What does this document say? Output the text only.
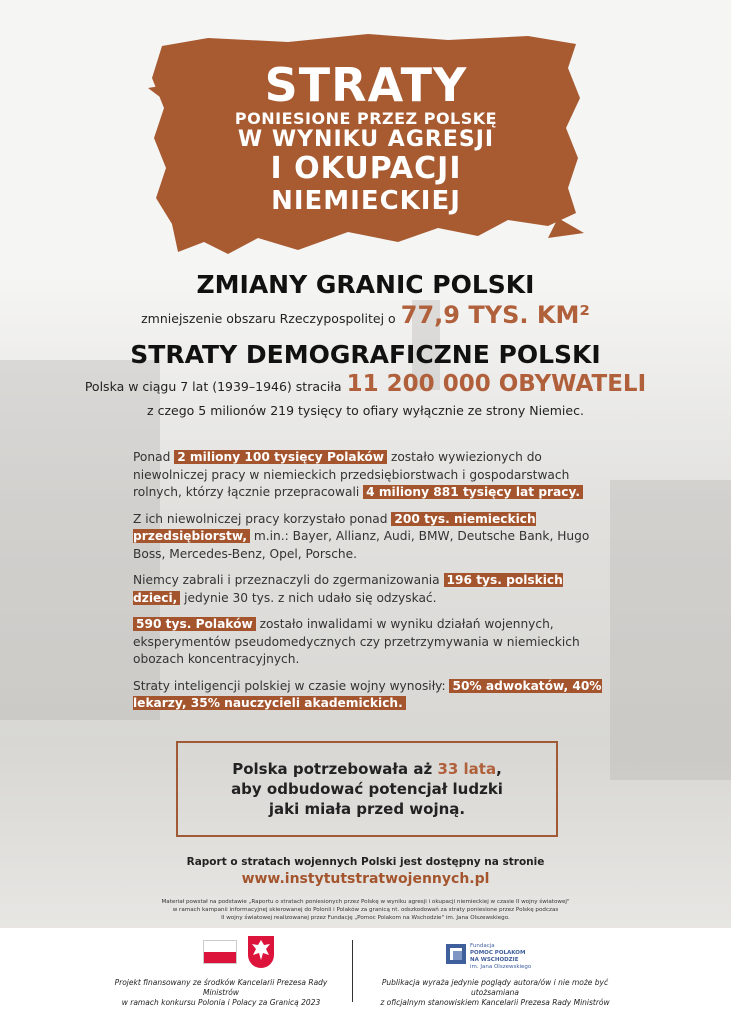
STRATY
PONIESIONE PRZEZ POLSKĘ
W WYNIKU AGRESJI
I OKUPACJI
NIEMIECKIEJ
ZMIANY GRANIC POLSKI
zmniejszenie obszaru Rzeczypospolitej o 77,9 TYS. KM²
STRATY DEMOGRAFICZNE POLSKI
Polska w ciągu 7 lat (1939–1946) straciła 11 200 000 OBYWATELI
z czego 5 milionów 219 tysięcy to ofiary wyłącznie ze strony Niemiec.

Ponad 2 miliony 100 tysięcy Polaków zostało wywiezionych do niewolniczej pracy w niemieckich przedsiębiorstwach i gospodarstwach rolnych, którzy łącznie przepracowali 4 miliony 881 tysięcy lat pracy.

Z ich niewolniczej pracy korzystało ponad 200 tys. niemieckich przedsiębiorstw, m.in.: Bayer, Allianz, Audi, BMW, Deutsche Bank, Hugo Boss, Mercedes-Benz, Opel, Porsche.

Niemcy zabrali i przeznaczyli do zgermanizowania 196 tys. polskich dzieci, jedynie 30 tys. z nich udało się odzyskać.

590 tys. Polaków zostało inwalidami w wyniku działań wojennych, eksperymentów pseudomedycznych czy przetrzymywania w niemieckich obozach koncentracyjnych.

Straty inteligencji polskiej w czasie wojny wynosiły: 50% adwokatów, 40% lekarzy, 35% nauczycieli akademickich.

Polska potrzebowała aż 33 lata,
aby odbudować potencjał ludzki
jaki miała przed wojną.
Raport o stratach wojennych Polski jest dostępny na stronie
www.instytutstratwojennych.pl
Materiał powstał na podstawie „Raportu o stratach poniesionych przez Polskę w wyniku agresji i okupacji niemieckiej w czasie II wojny światowej"
w ramach kampanii informacyjnej skierowanej do Polonii i Polaków za granicą nt. odszkodowań za straty poniesione przez Polskę podczas
II wojny światowej realizowanej przez Fundację „Pomoc Polakom na Wschodzie" im. Jana Olszewskiego.
Projekt finansowany ze środków Kancelarii Prezesa Rady Ministrów
w ramach konkursu Polonia i Polacy za Granicą 2023
Fundacja
POMOC POLAKOM
NA WSCHODZIE
im. Jana Olszewskiego
Publikacja wyraża jedynie poglądy autora/ów i nie może być utożsamiana
z oficjalnym stanowiskiem Kancelarii Prezesa Rady Ministrów
